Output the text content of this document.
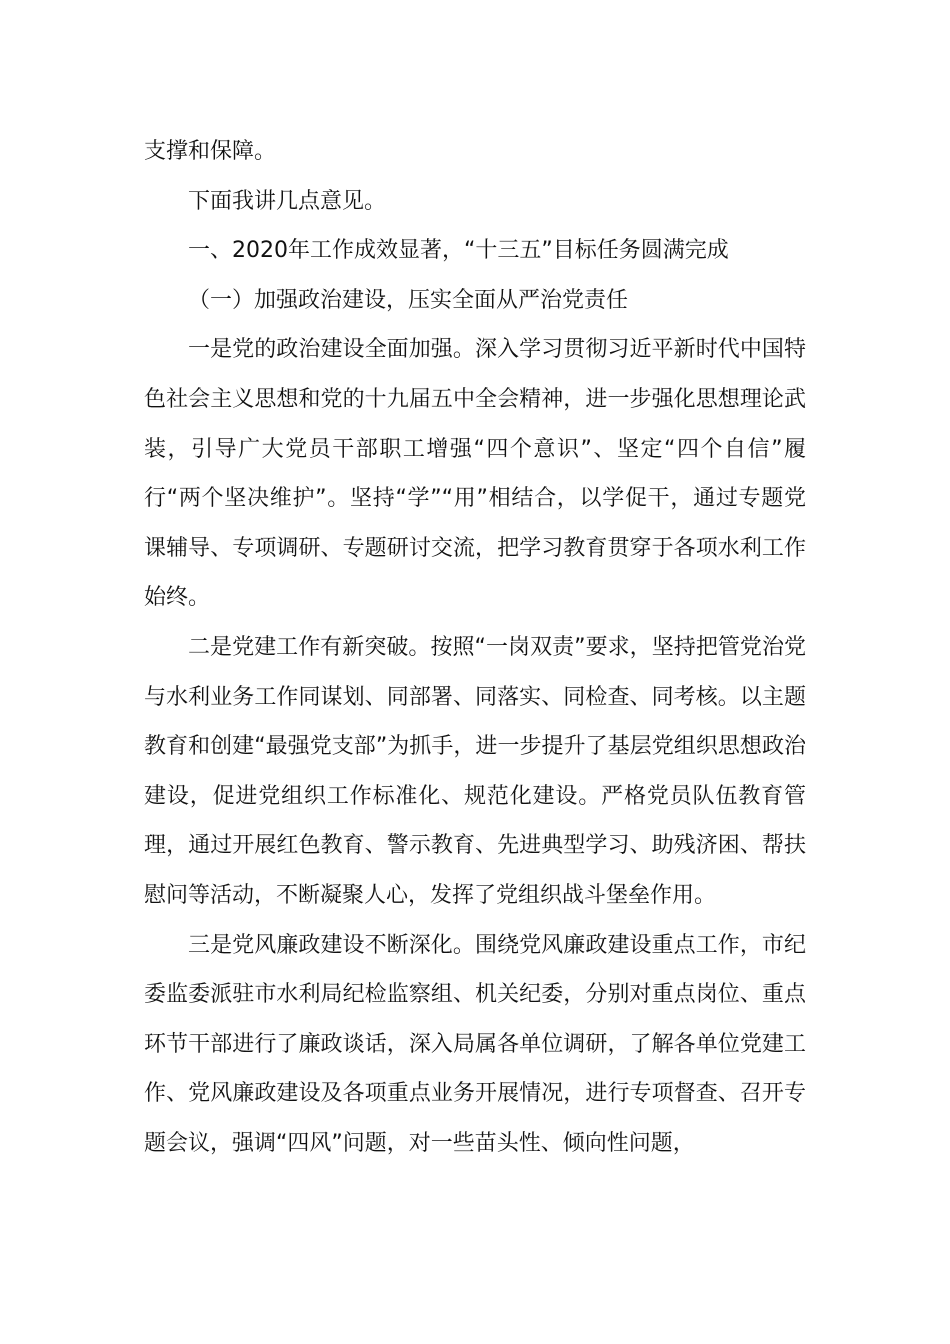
支撑和保障。

下面我讲几点意见。

一、2020年工作成效显著，“十三五”目标任务圆满完成

（一）加强政治建设，压实全面从严治党责任

一是党的政治建设全面加强。深入学习贯彻习近平新时代中国特色社会主义思想和党的十九届五中全会精神，进一步强化思想理论武装，引导广大党员干部职工增强“四个意识”、坚定“四个自信”履行“两个坚决维护”。坚持“学”“用”相结合，以学促干，通过专题党课辅导、专项调研、专题研讨交流，把学习教育贯穿于各项水利工作始终。

二是党建工作有新突破。按照“一岗双责”要求，坚持把管党治党与水利业务工作同谋划、同部署、同落实、同检查、同考核。以主题教育和创建“最强党支部”为抓手，进一步提升了基层党组织思想政治建设，促进党组织工作标准化、规范化建设。严格党员队伍教育管理，通过开展红色教育、警示教育、先进典型学习、助残济困、帮扶慰问等活动，不断凝聚人心，发挥了党组织战斗堡垒作用。

三是党风廉政建设不断深化。围绕党风廉政建设重点工作，市纪委监委派驻市水利局纪检监察组、机关纪委，分别对重点岗位、重点环节干部进行了廉政谈话，深入局属各单位调研，了解各单位党建工作、党风廉政建设及各项重点业务开展情况，进行专项督查、召开专题会议，强调“四风”问题，对一些苗头性、倾向性问题，
